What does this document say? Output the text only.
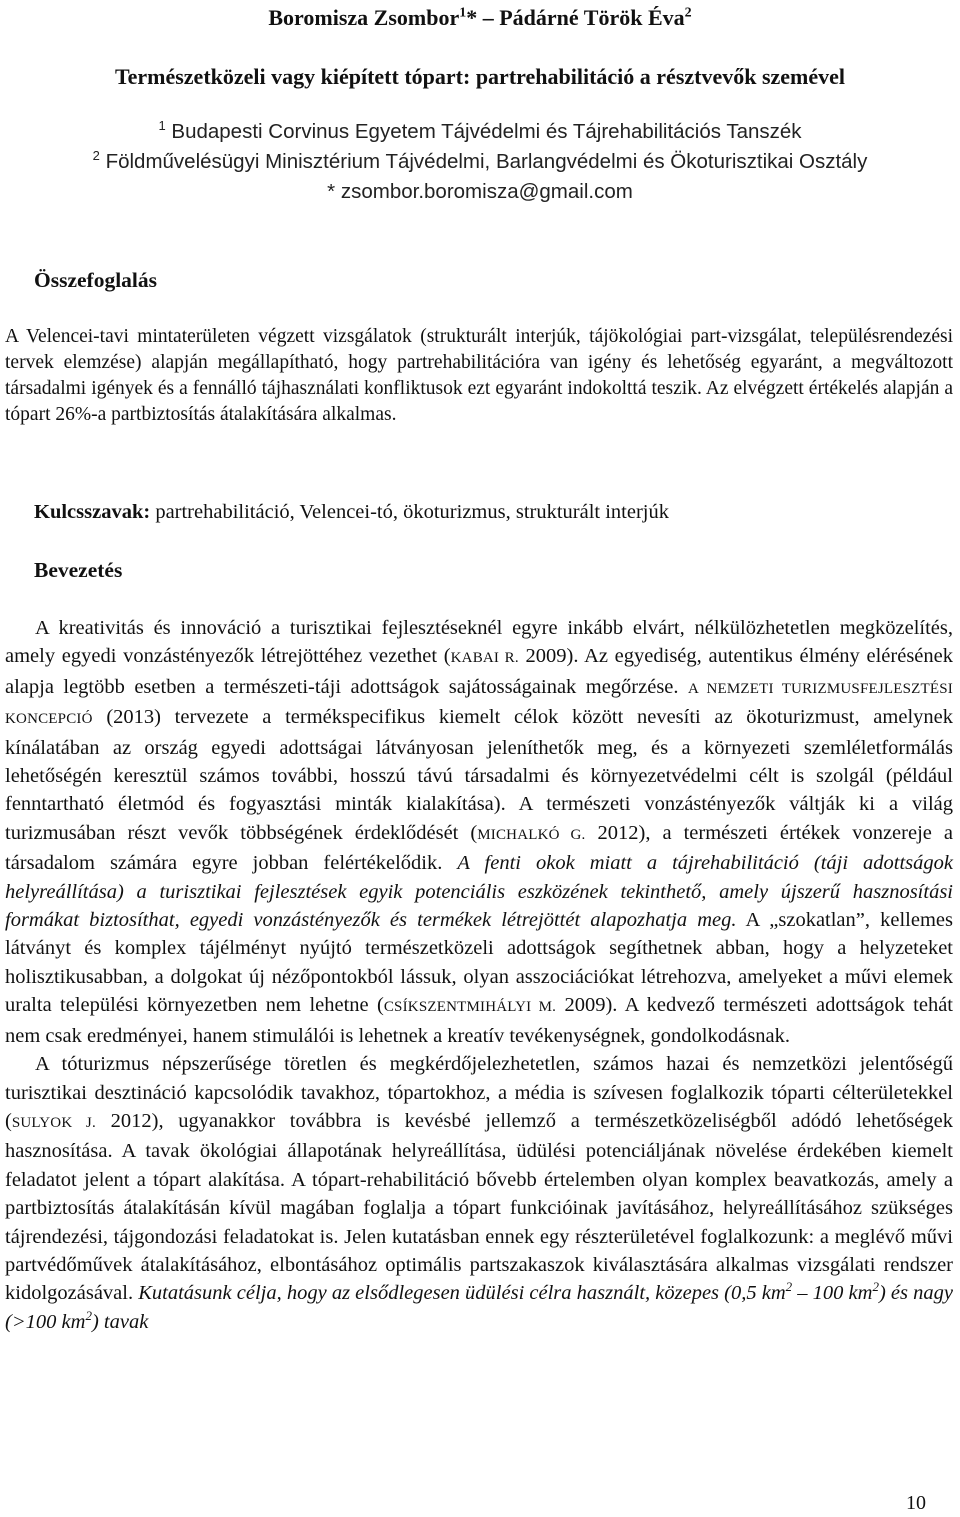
Boromisza Zsombor$^1$* – Pádárné Török Éva$^2$
Természetközeli vagy kiépített tópart: partrehabilitáció a résztvevők szemével
$^1$ Budapesti Corvinus Egyetem Tájvédelmi és Tájrehabilitációs Tanszék
$^2$ Földművelésügyi Minisztérium Tájvédelmi, Barlangvédelmi és Ökoturisztikai Osztály
* zsombor.boromisza@gmail.com
Összefoglalás
A Velencei-tavi mintaterületen végzett vizsgálatok (strukturált interjúk, tájökológiai part-vizsgálat, településrendezési tervek elemzése) alapján megállapítható, hogy partrehabilitációra van igény és lehetőség egyaránt, a megváltozott társadalmi igények és a fennálló tájhasználati konfliktusok ezt egyaránt indokolttá teszik. Az elvégzett értékelés alapján a tópart 26%-a partbiztosítás átalakítására alkalmas.
Kulcsszavak: partrehabilitáció, Velencei-tó, ökoturizmus, strukturált interjúk
Bevezetés

A kreativitás és innováció a turisztikai fejlesztéseknél egyre inkább elvárt, nélkülözhetetlen megközelítés, amely egyedi vonzástényezők létrejöttéhez vezethet (KABAI R. 2009). Az egyediség, autentikus élmény elérésének alapja legtöbb esetben a természeti-táji adottságok sajátosságainak megőrzése. A NEMZETI TURIZMUSFEJLESZTÉSI KONCEPCIÓ (2013) tervezete a termékspecifikus kiemelt célok között nevesíti az ökoturizmust, amelynek kínálatában az ország egyedi adottságai látványosan jeleníthetők meg, és a környezeti szemléletformálás lehetőségén keresztül számos további, hosszú távú társadalmi és környezetvédelmi célt is szolgál (például fenntartható életmód és fogyasztási minták kialakítása). A természeti vonzástényezők váltják ki a világ turizmusában részt vevők többségének érdeklődését (MICHALKÓ G. 2012), a természeti értékek vonzereje a társadalom számára egyre jobban felértékelődik. A fenti okok miatt a tájrehabilitáció (táji adottságok helyreállítása) a turisztikai fejlesztések egyik potenciális eszközének tekinthető, amely újszerű hasznosítási formákat biztosíthat, egyedi vonzástényezők és termékek létrejöttét alapozhatja meg. A „szokatlan”, kellemes látványt és komplex tájélményt nyújtó természetközeli adottságok segíthetnek abban, hogy a helyzeteket holisztikusabban, a dolgokat új nézőpontokból lássuk, olyan asszociációkat létrehozva, amelyeket a művi elemek uralta települési környezetben nem lehetne (CSÍKSZENTMIHÁLYI M. 2009). A kedvező természeti adottságok tehát nem csak eredményei, hanem stimulálói is lehetnek a kreatív tevékenységnek, gondolkodásnak.

A tóturizmus népszerűsége töretlen és megkérdőjelezhetetlen, számos hazai és nemzetközi jelentőségű turisztikai desztináció kapcsolódik tavakhoz, tópartokhoz, a média is szívesen foglalkozik tóparti célterületekkel (SULYOK J. 2012), ugyanakkor továbbra is kevésbé jellemző a természetközeliségből adódó lehetőségek hasznosítása. A tavak ökológiai állapotának helyreállítása, üdülési potenciáljának növelése érdekében kiemelt feladatot jelent a tópart alakítása. A tópart-rehabilitáció bővebb értelemben olyan komplex beavatkozás, amely a partbiztosítás átalakításán kívül magában foglalja a tópart funkcióinak javításához, helyreállításához szükséges tájrendezési, tájgondozási feladatokat is. Jelen kutatásban ennek egy részterületével foglalkozunk: a meglévő művi partvédőművek átalakításához, elbontásához optimális partszakaszok kiválasztására alkalmas vizsgálati rendszer kidolgozásával. Kutatásunk célja, hogy az elsődlegesen üdülési célra használt, közepes (0,5 $km^2 - 100$ $km^2$) és nagy (>100 $km^2$) tavak

10
